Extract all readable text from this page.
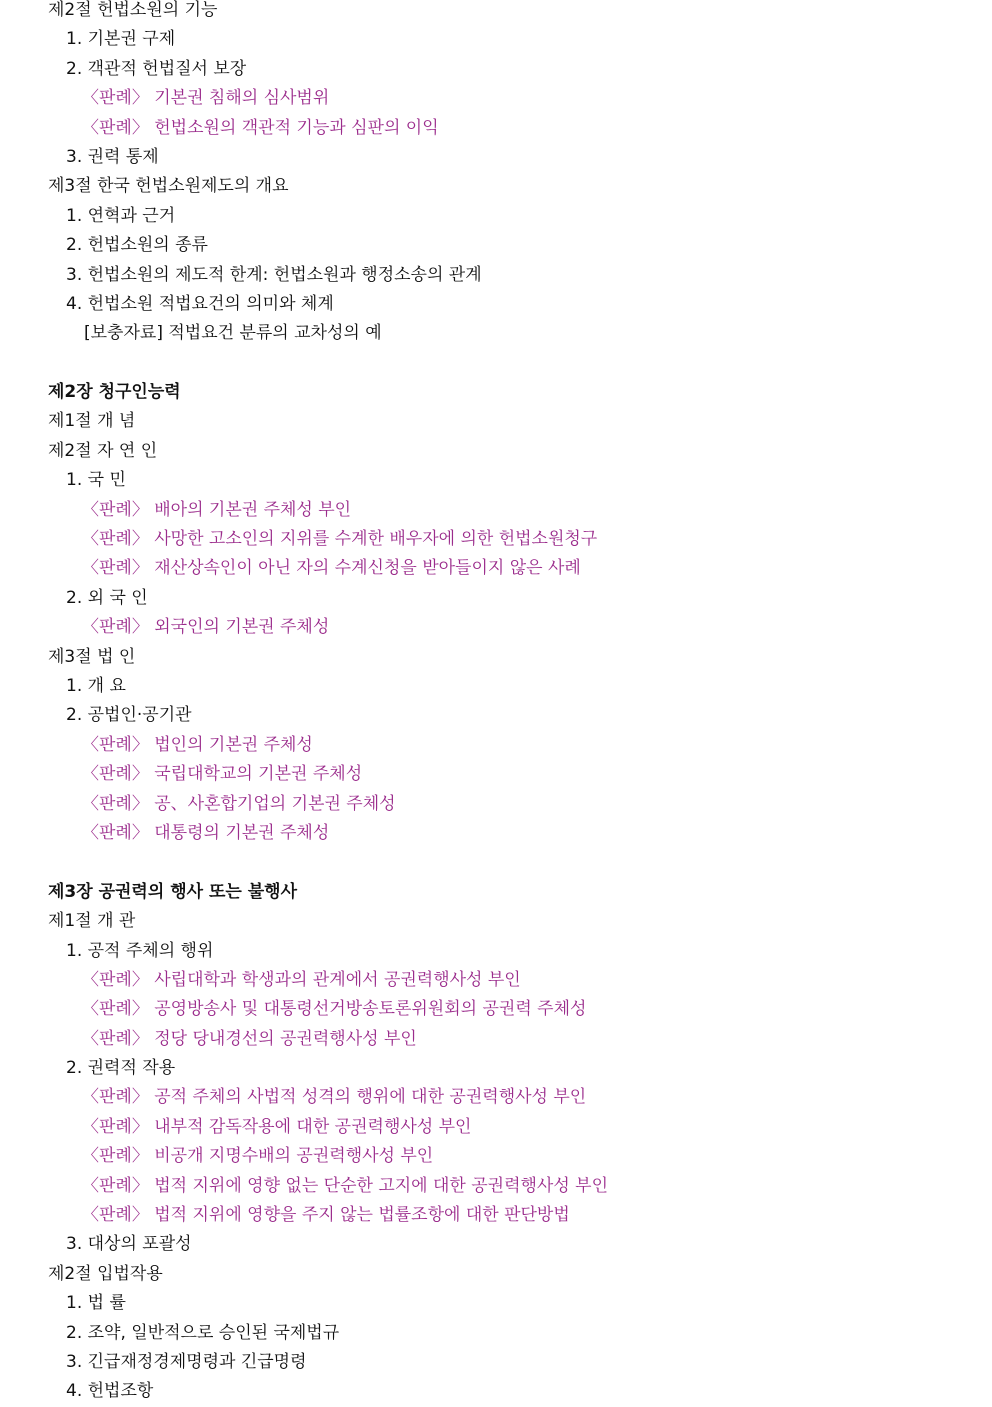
제2절 헌법소원의 기능
1. 기본권 구제
2. 객관적 헌법질서 보장
〈판례〉 기본권 침해의 심사범위
〈판례〉 헌법소원의 객관적 기능과 심판의 이익
3. 권력 통제
제3절 한국 헌법소원제도의 개요
1. 연혁과 근거
2. 헌법소원의 종류
3. 헌법소원의 제도적 한계: 헌법소원과 행정소송의 관계
4. 헌법소원 적법요건의 의미와 체계
[보충자료] 적법요건 분류의 교차성의 예
제2장 청구인능력
제1절 개 념
제2절 자 연 인
1. 국 민
〈판례〉 배아의 기본권 주체성 부인
〈판례〉 사망한 고소인의 지위를 수계한 배우자에 의한 헌법소원청구
〈판례〉 재산상속인이 아닌 자의 수계신청을 받아들이지 않은 사례
2. 외 국 인
〈판례〉 외국인의 기본권 주체성
제3절 법 인
1. 개 요
2. 공법인·공기관
〈판례〉 법인의 기본권 주체성
〈판례〉 국립대학교의 기본권 주체성
〈판례〉 공、사혼합기업의 기본권 주체성
〈판례〉 대통령의 기본권 주체성
제3장 공권력의 행사 또는 불행사
제1절 개 관
1. 공적 주체의 행위
〈판례〉 사립대학과 학생과의 관계에서 공권력행사성 부인
〈판례〉 공영방송사 및 대통령선거방송토론위원회의 공권력 주체성
〈판례〉 정당 당내경선의 공권력행사성 부인
2. 권력적 작용
〈판례〉 공적 주체의 사법적 성격의 행위에 대한 공권력행사성 부인
〈판례〉 내부적 감독작용에 대한 공권력행사성 부인
〈판례〉 비공개 지명수배의 공권력행사성 부인
〈판례〉 법적 지위에 영향 없는 단순한 고지에 대한 공권력행사성 부인
〈판례〉 법적 지위에 영향을 주지 않는 법률조항에 대한 판단방법
3. 대상의 포괄성
제2절 입법작용
1. 법 률
2. 조약, 일반적으로 승인된 국제법규
3. 긴급재정경제명령과 긴급명령
4. 헌법조항
